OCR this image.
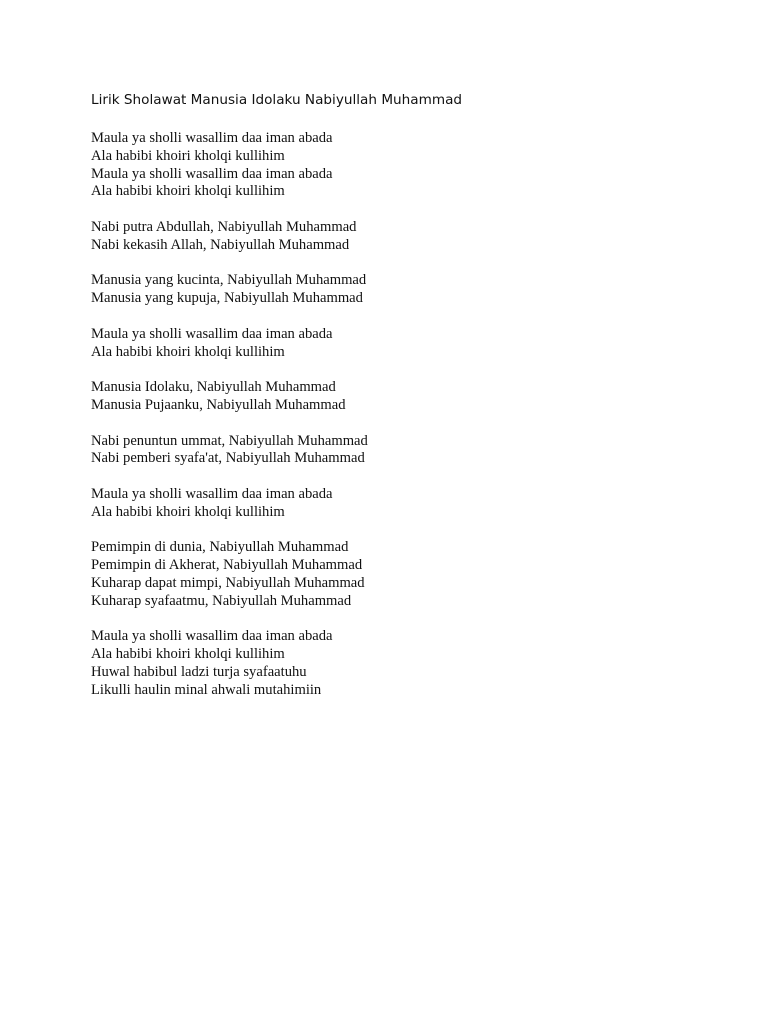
Lirik Sholawat Manusia Idolaku Nabiyullah Muhammad
Maula ya sholli wasallim daa iman abada
Ala habibi khoiri kholqi kullihim
Maula ya sholli wasallim daa iman abada
Ala habibi khoiri kholqi kullihim
Nabi putra Abdullah, Nabiyullah Muhammad
Nabi kekasih Allah, Nabiyullah Muhammad
Manusia yang kucinta, Nabiyullah Muhammad
Manusia yang kupuja, Nabiyullah Muhammad
Maula ya sholli wasallim daa iman abada
Ala habibi khoiri kholqi kullihim
Manusia Idolaku, Nabiyullah Muhammad
Manusia Pujaanku, Nabiyullah Muhammad
Nabi penuntun ummat, Nabiyullah Muhammad
Nabi pemberi syafa'at, Nabiyullah Muhammad
Maula ya sholli wasallim daa iman abada
Ala habibi khoiri kholqi kullihim
Pemimpin di dunia, Nabiyullah Muhammad
Pemimpin di Akherat, Nabiyullah Muhammad
Kuharap dapat mimpi, Nabiyullah Muhammad
Kuharap syafaatmu, Nabiyullah Muhammad
Maula ya sholli wasallim daa iman abada
Ala habibi khoiri kholqi kullihim
Huwal habibul ladzi turja syafaatuhu
Likulli haulin minal ahwali mutahimiin
